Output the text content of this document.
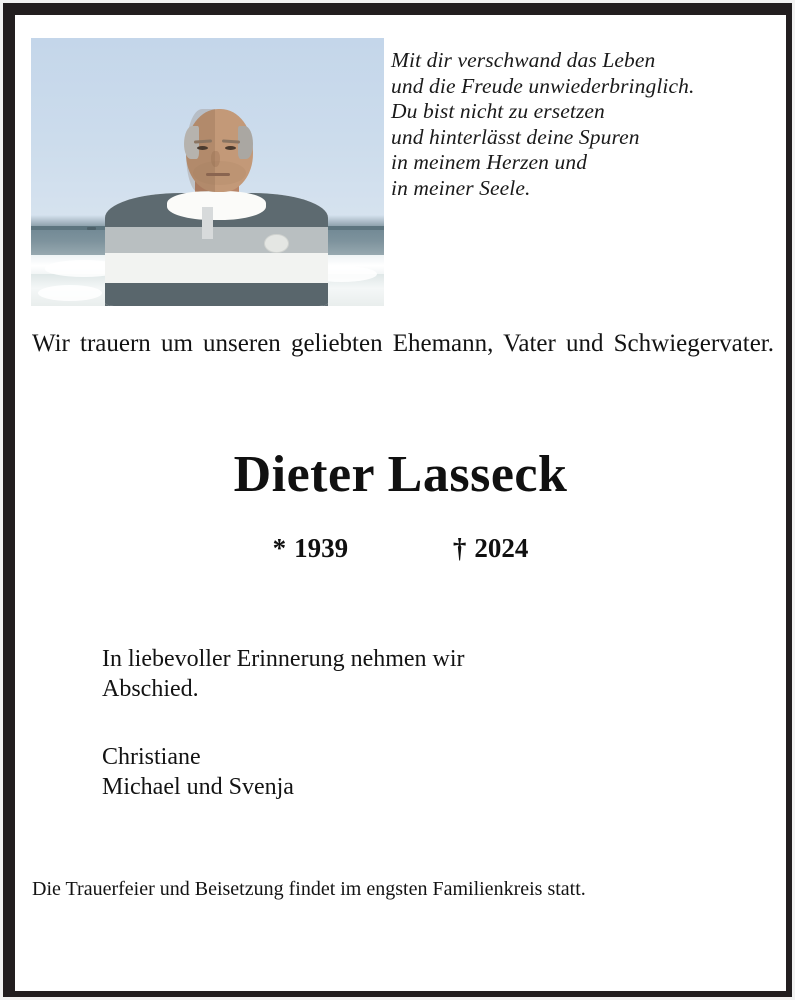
Mit dir verschwand das Leben
und die Freude unwiederbringlich.
Du bist nicht zu ersetzen
und hinterlässt deine Spuren
in meinem Herzen und
in meiner Seele.
Wir trauern um unseren geliebten Ehemann, Vater und Schwiegervater.
Dieter Lasseck
* 1939	† 2024
In liebevoller Erinnerung nehmen wir
Abschied.
Christiane
Michael und Svenja
Die Trauerfeier und Beisetzung findet im engsten Familienkreis statt.
